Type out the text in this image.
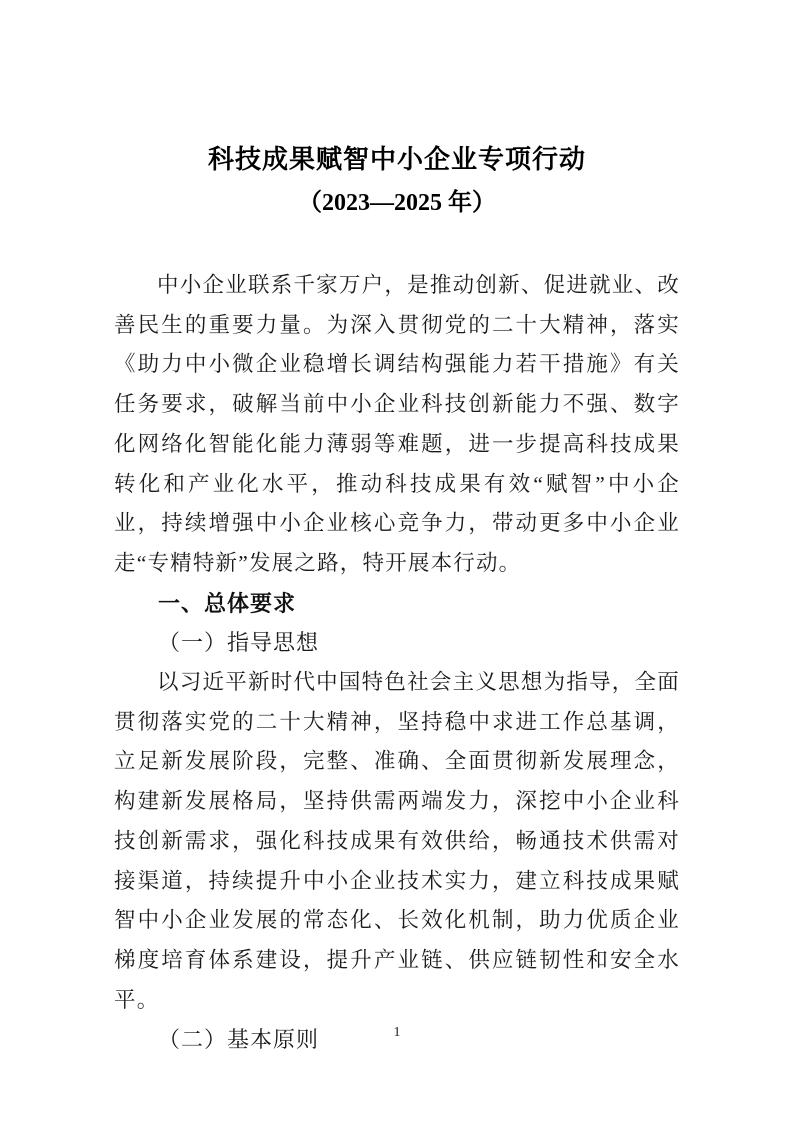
科技成果赋智中小企业专项行动
（2023—2025 年）

中小企业联系千家万户，是推动创新、促进就业、改善民生的重要力量。为深入贯彻党的二十大精神，落实《助力中小微企业稳增长调结构强能力若干措施》有关任务要求，破解当前中小企业科技创新能力不强、数字化网络化智能化能力薄弱等难题，进一步提高科技成果转化和产业化水平，推动科技成果有效“赋智”中小企业，持续增强中小企业核心竞争力，带动更多中小企业走“专精特新”发展之路，特开展本行动。

一、总体要求
（一）指导思想

以习近平新时代中国特色社会主义思想为指导，全面贯彻落实党的二十大精神，坚持稳中求进工作总基调，立足新发展阶段，完整、准确、全面贯彻新发展理念，构建新发展格局，坚持供需两端发力，深挖中小企业科技创新需求，强化科技成果有效供给，畅通技术供需对接渠道，持续提升中小企业技术实力，建立科技成果赋智中小企业发展的常态化、长效化机制，助力优质企业梯度培育体系建设，提升产业链、供应链韧性和安全水平。

（二）基本原则	1
